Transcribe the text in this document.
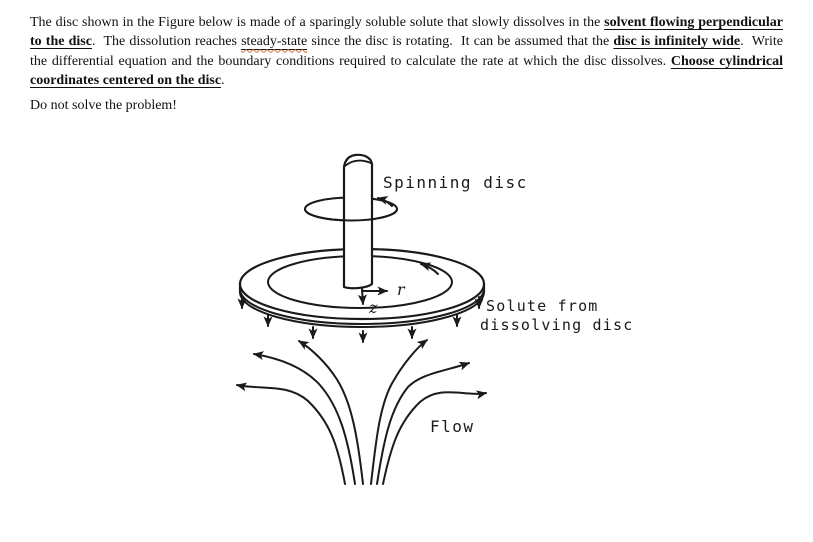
The disc shown in the Figure below is made of a sparingly soluble solute that slowly dissolves in the solvent flowing perpendicular to the disc.  The dissolution reaches steady-state since the disc is rotating.  It can be assumed that the disc is infinitely wide.  Write the differential equation and the boundary conditions required to calculate the rate at which the disc dissolves. Choose cylindrical coordinates centered on the disc.
Do not solve the problem!
r
z
Spinning disc
Solute from
dissolving disc
Flow
